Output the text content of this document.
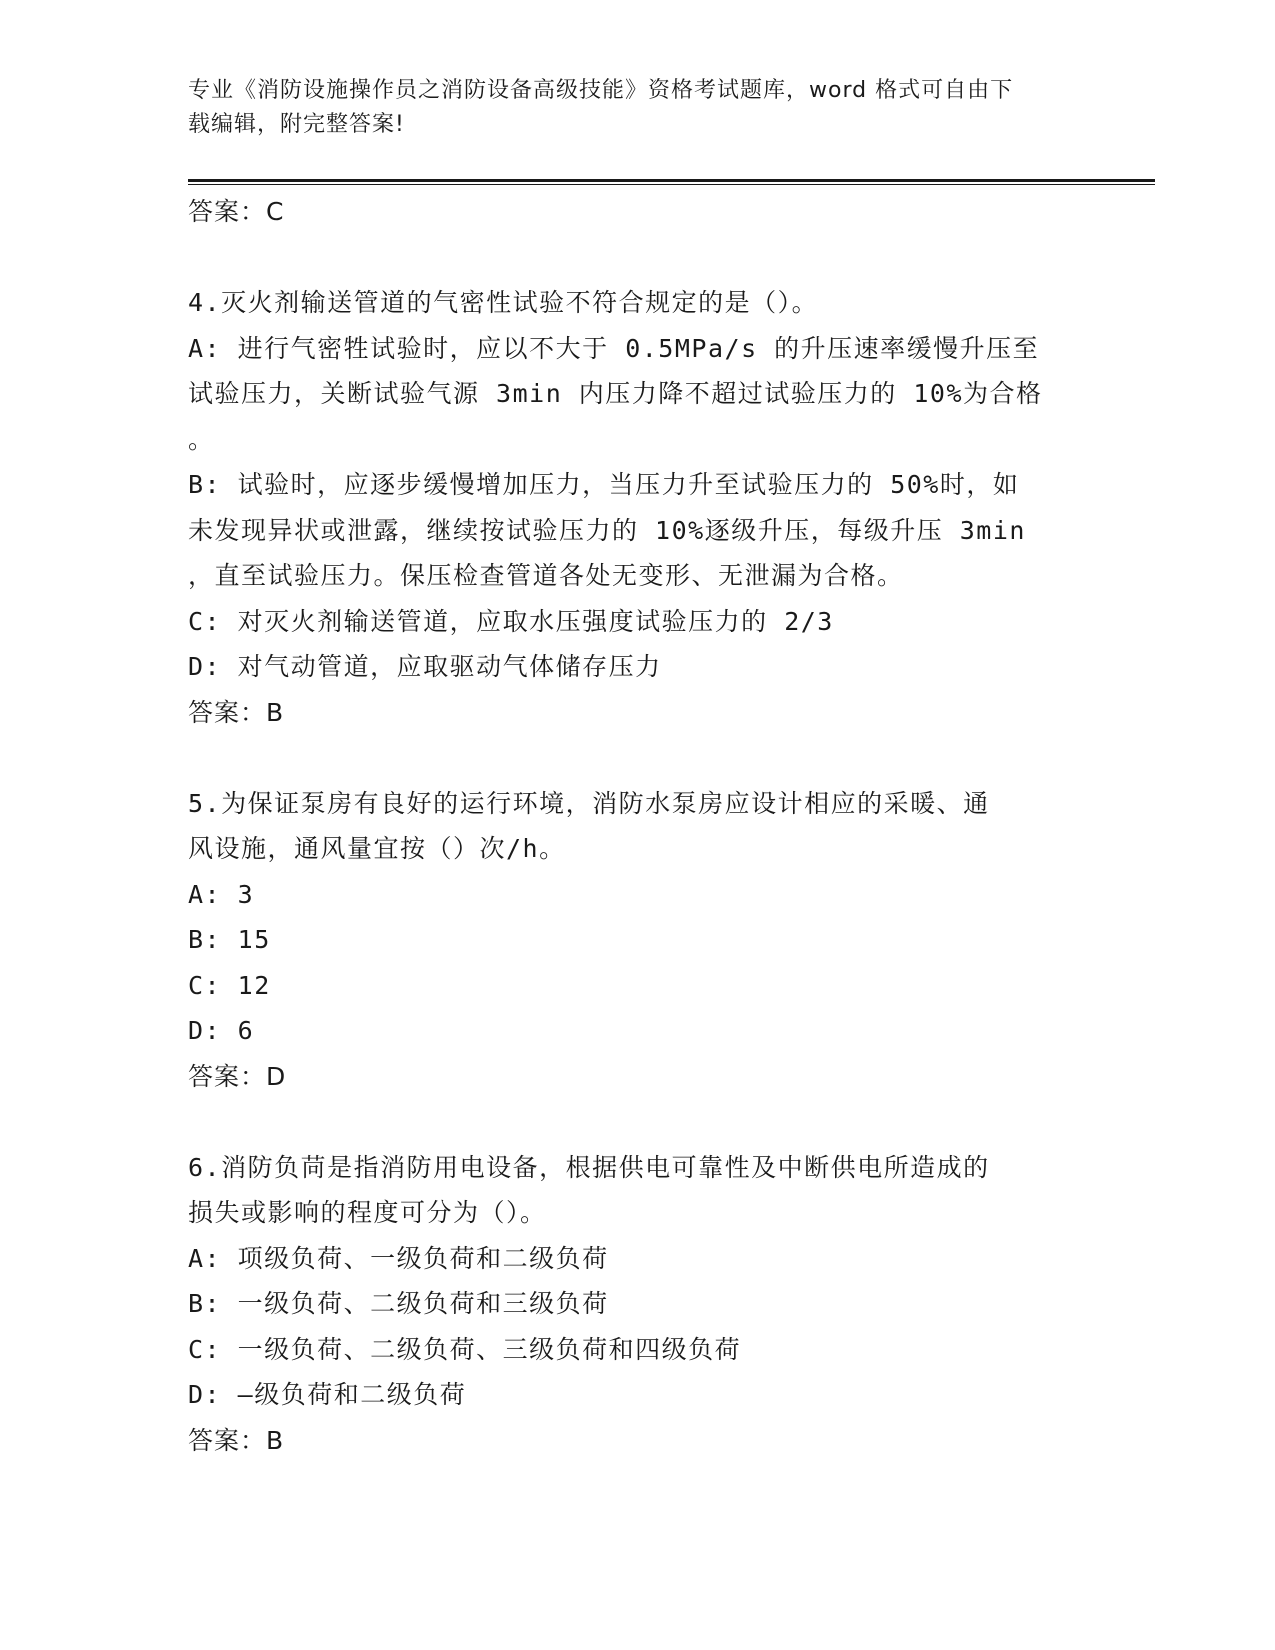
专业《消防设施操作员之消防设备高级技能》资格考试题库，word 格式可自由下
载编辑，附完整答案!
答案：C
4.灭火剂输送管道的气密性试验不符合规定的是（）。
A: 进行气密牲试验时，应以不大于 0.5MPa/s 的升压速率缓慢升压至
试验压力，关断试验气源 3min 内压力降不超过试验压力的 10%为合格
。
B: 试验时，应逐步缓慢增加压力，当压力升至试验压力的 50%时，如
未发现异状或泄露，继续按试验压力的 10%逐级升压，每级升压 3min
，直至试验压力。保压检查管道各处无变形、无泄漏为合格。
C: 对灭火剂输送管道，应取水压强度试验压力的 2/3
D: 对气动管道，应取驱动气体储存压力
答案：B
5.为保证泵房有良好的运行环境，消防水泵房应设计相应的采暖、通
风设施，通风量宜按（）次/h。
A: 3
B: 15
C: 12
D: 6
答案：D
6.消防负苘是指消防用电设备，根据供电可靠性及中断供电所造成的
损失或影响的程度可分为（）。
A: 项级负荷、一级负荷和二级负荷
B: 一级负荷、二级负荷和三级负荷
C: 一级负荷、二级负荷、三级负荷和四级负荷
D: —级负荷和二级负荷
答案：B
